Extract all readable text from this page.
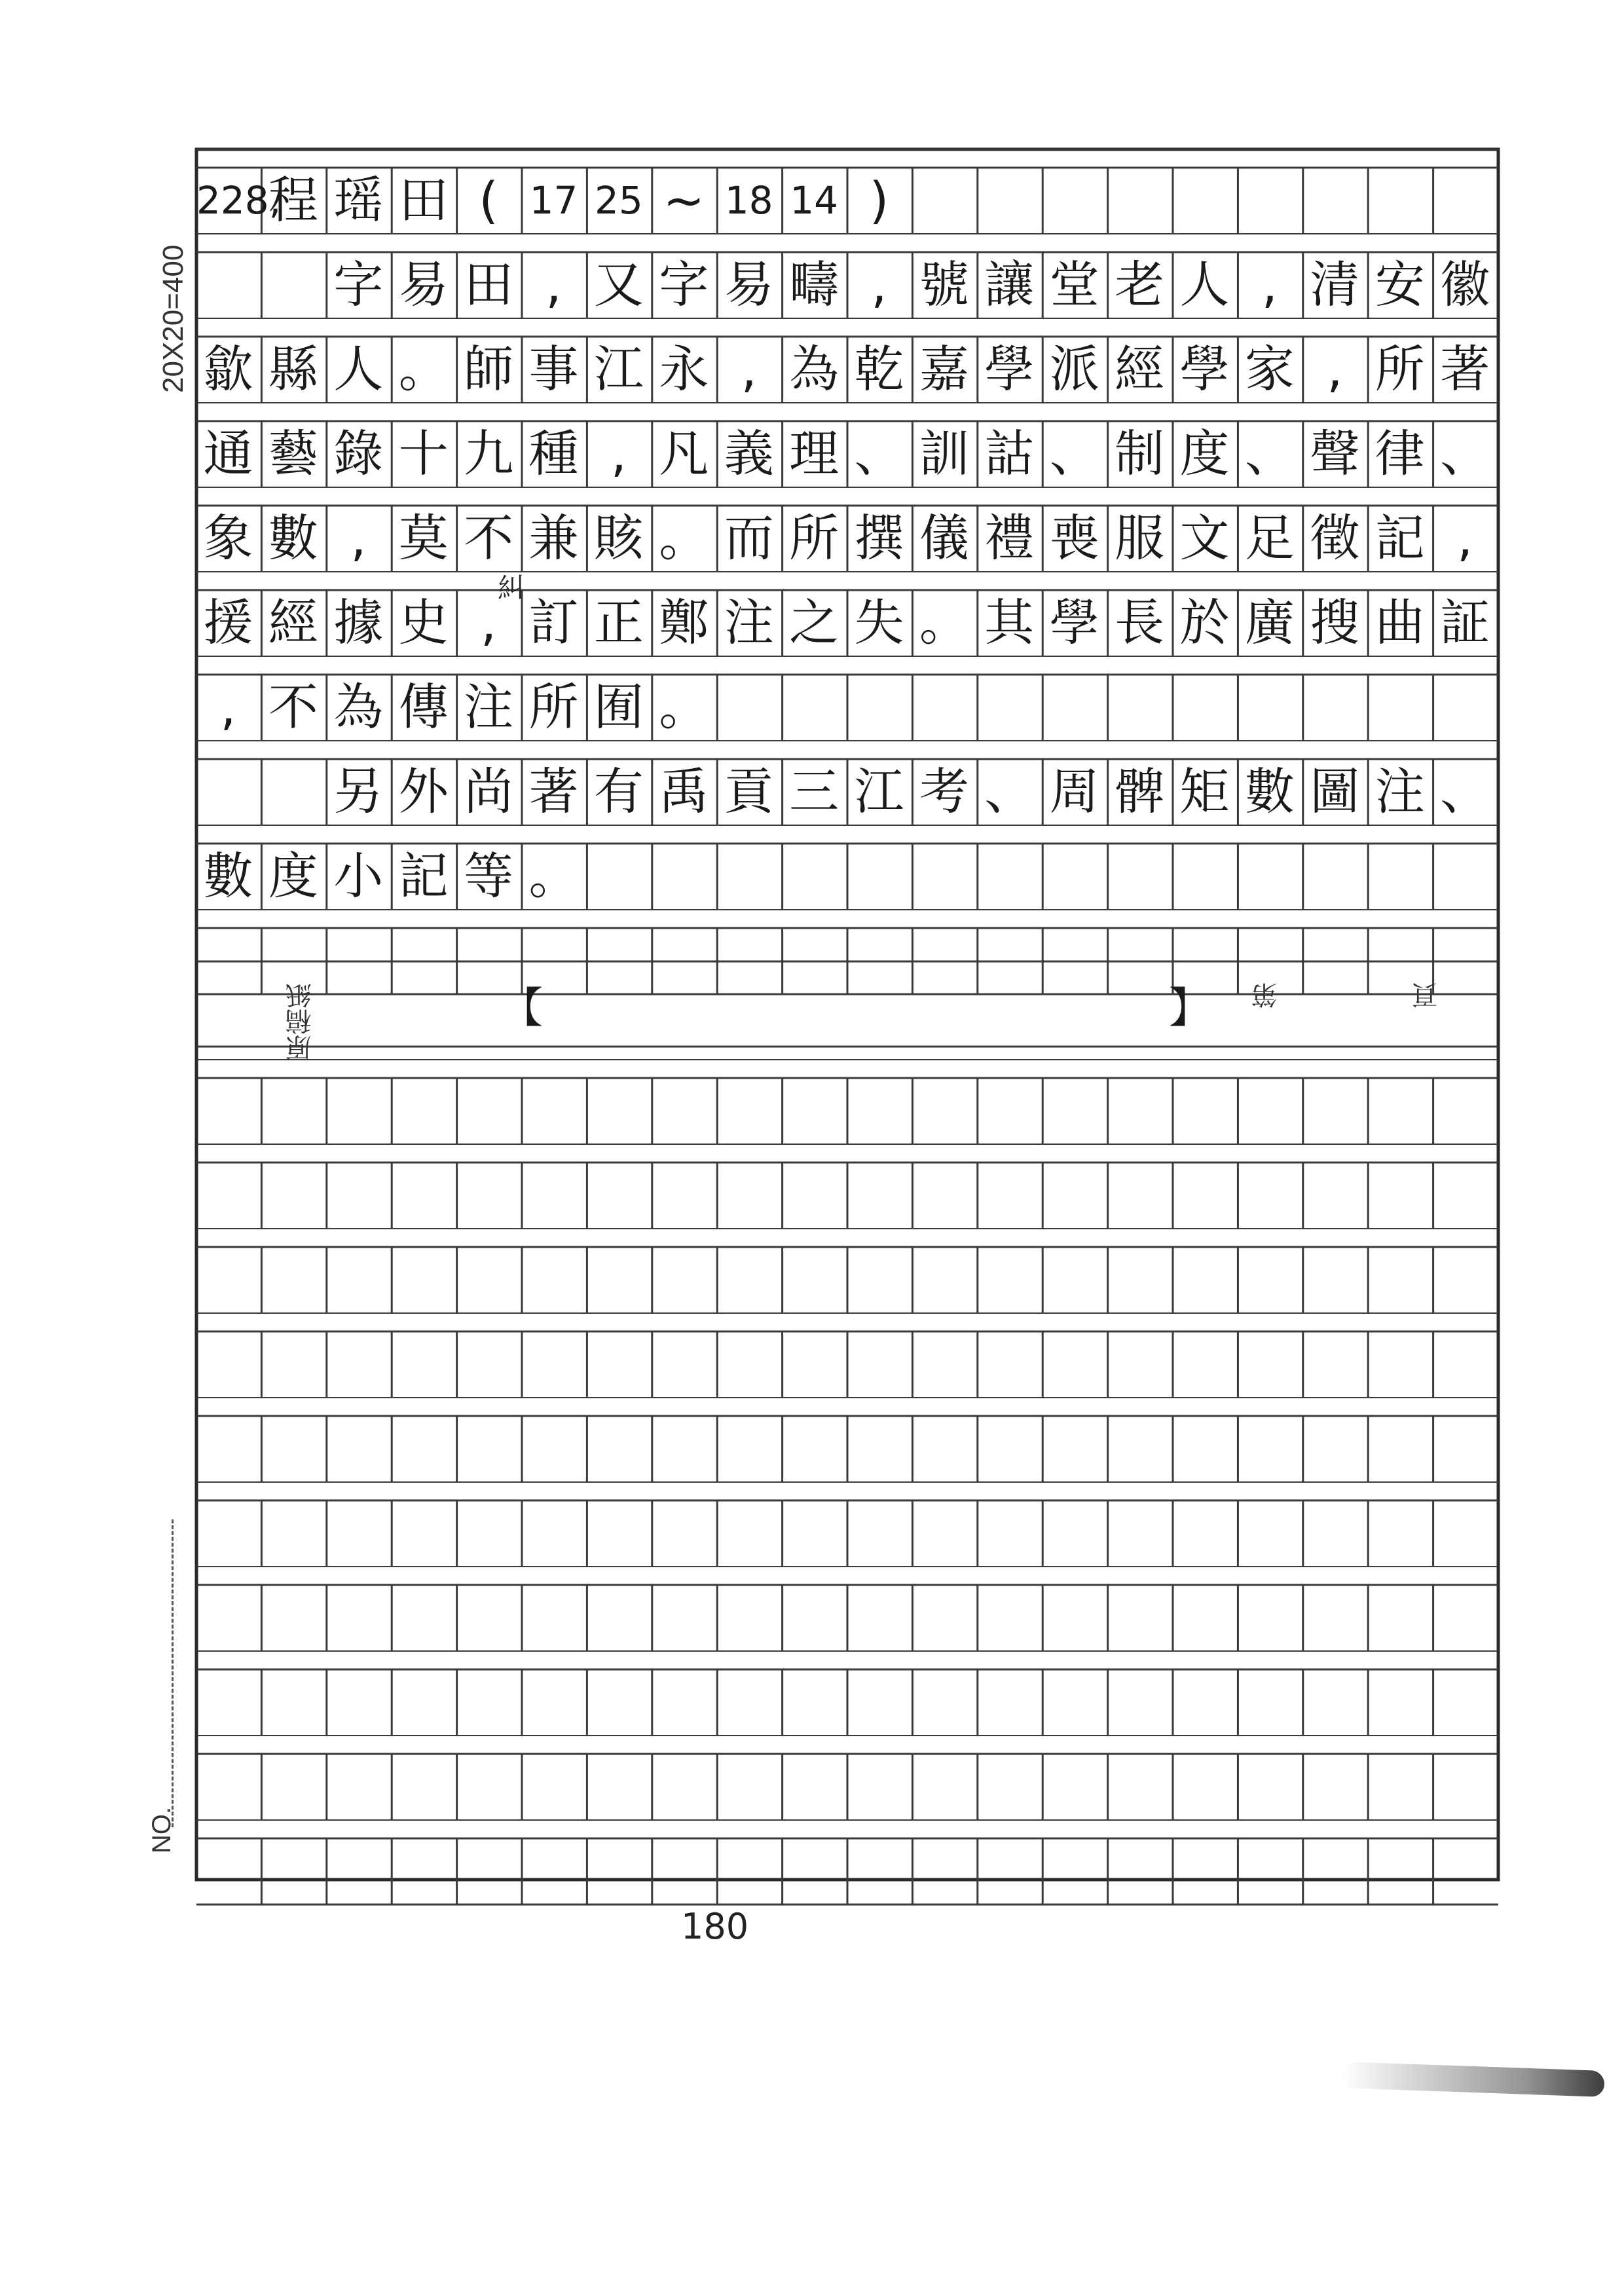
20X20=400
NO.
原稿紙	【	】 第	頁
糾
180
228,
程 瑶 田 ( 17 25 ~ 18 14 )
字 易 田 , 又 字 易 疇 , 號 讓 堂 老 人 , 清 安 徽
歙 縣 人 。 師 事 江 永 , 為 乾 嘉 學 派 經 學 家 , 所 著
通 藝 錄 十 九 種 , 凡 義 理 、 訓 詁 、 制 度 、 聲 律 、
象 數 , 莫 不 兼 賅 。 而 所 撰 儀 禮 喪 服 文 足 徵 記 ,
援 經 據 史 , 訂 正 鄭 注 之 失 。 其 學 長 於 廣 搜 曲 証
, 不 為 傳 注 所 囿 。
另 外 尚 著 有 禹 貢 三 江 考 、 周 髀 矩 數 圖 注 、
數 度 小 記 等 。
